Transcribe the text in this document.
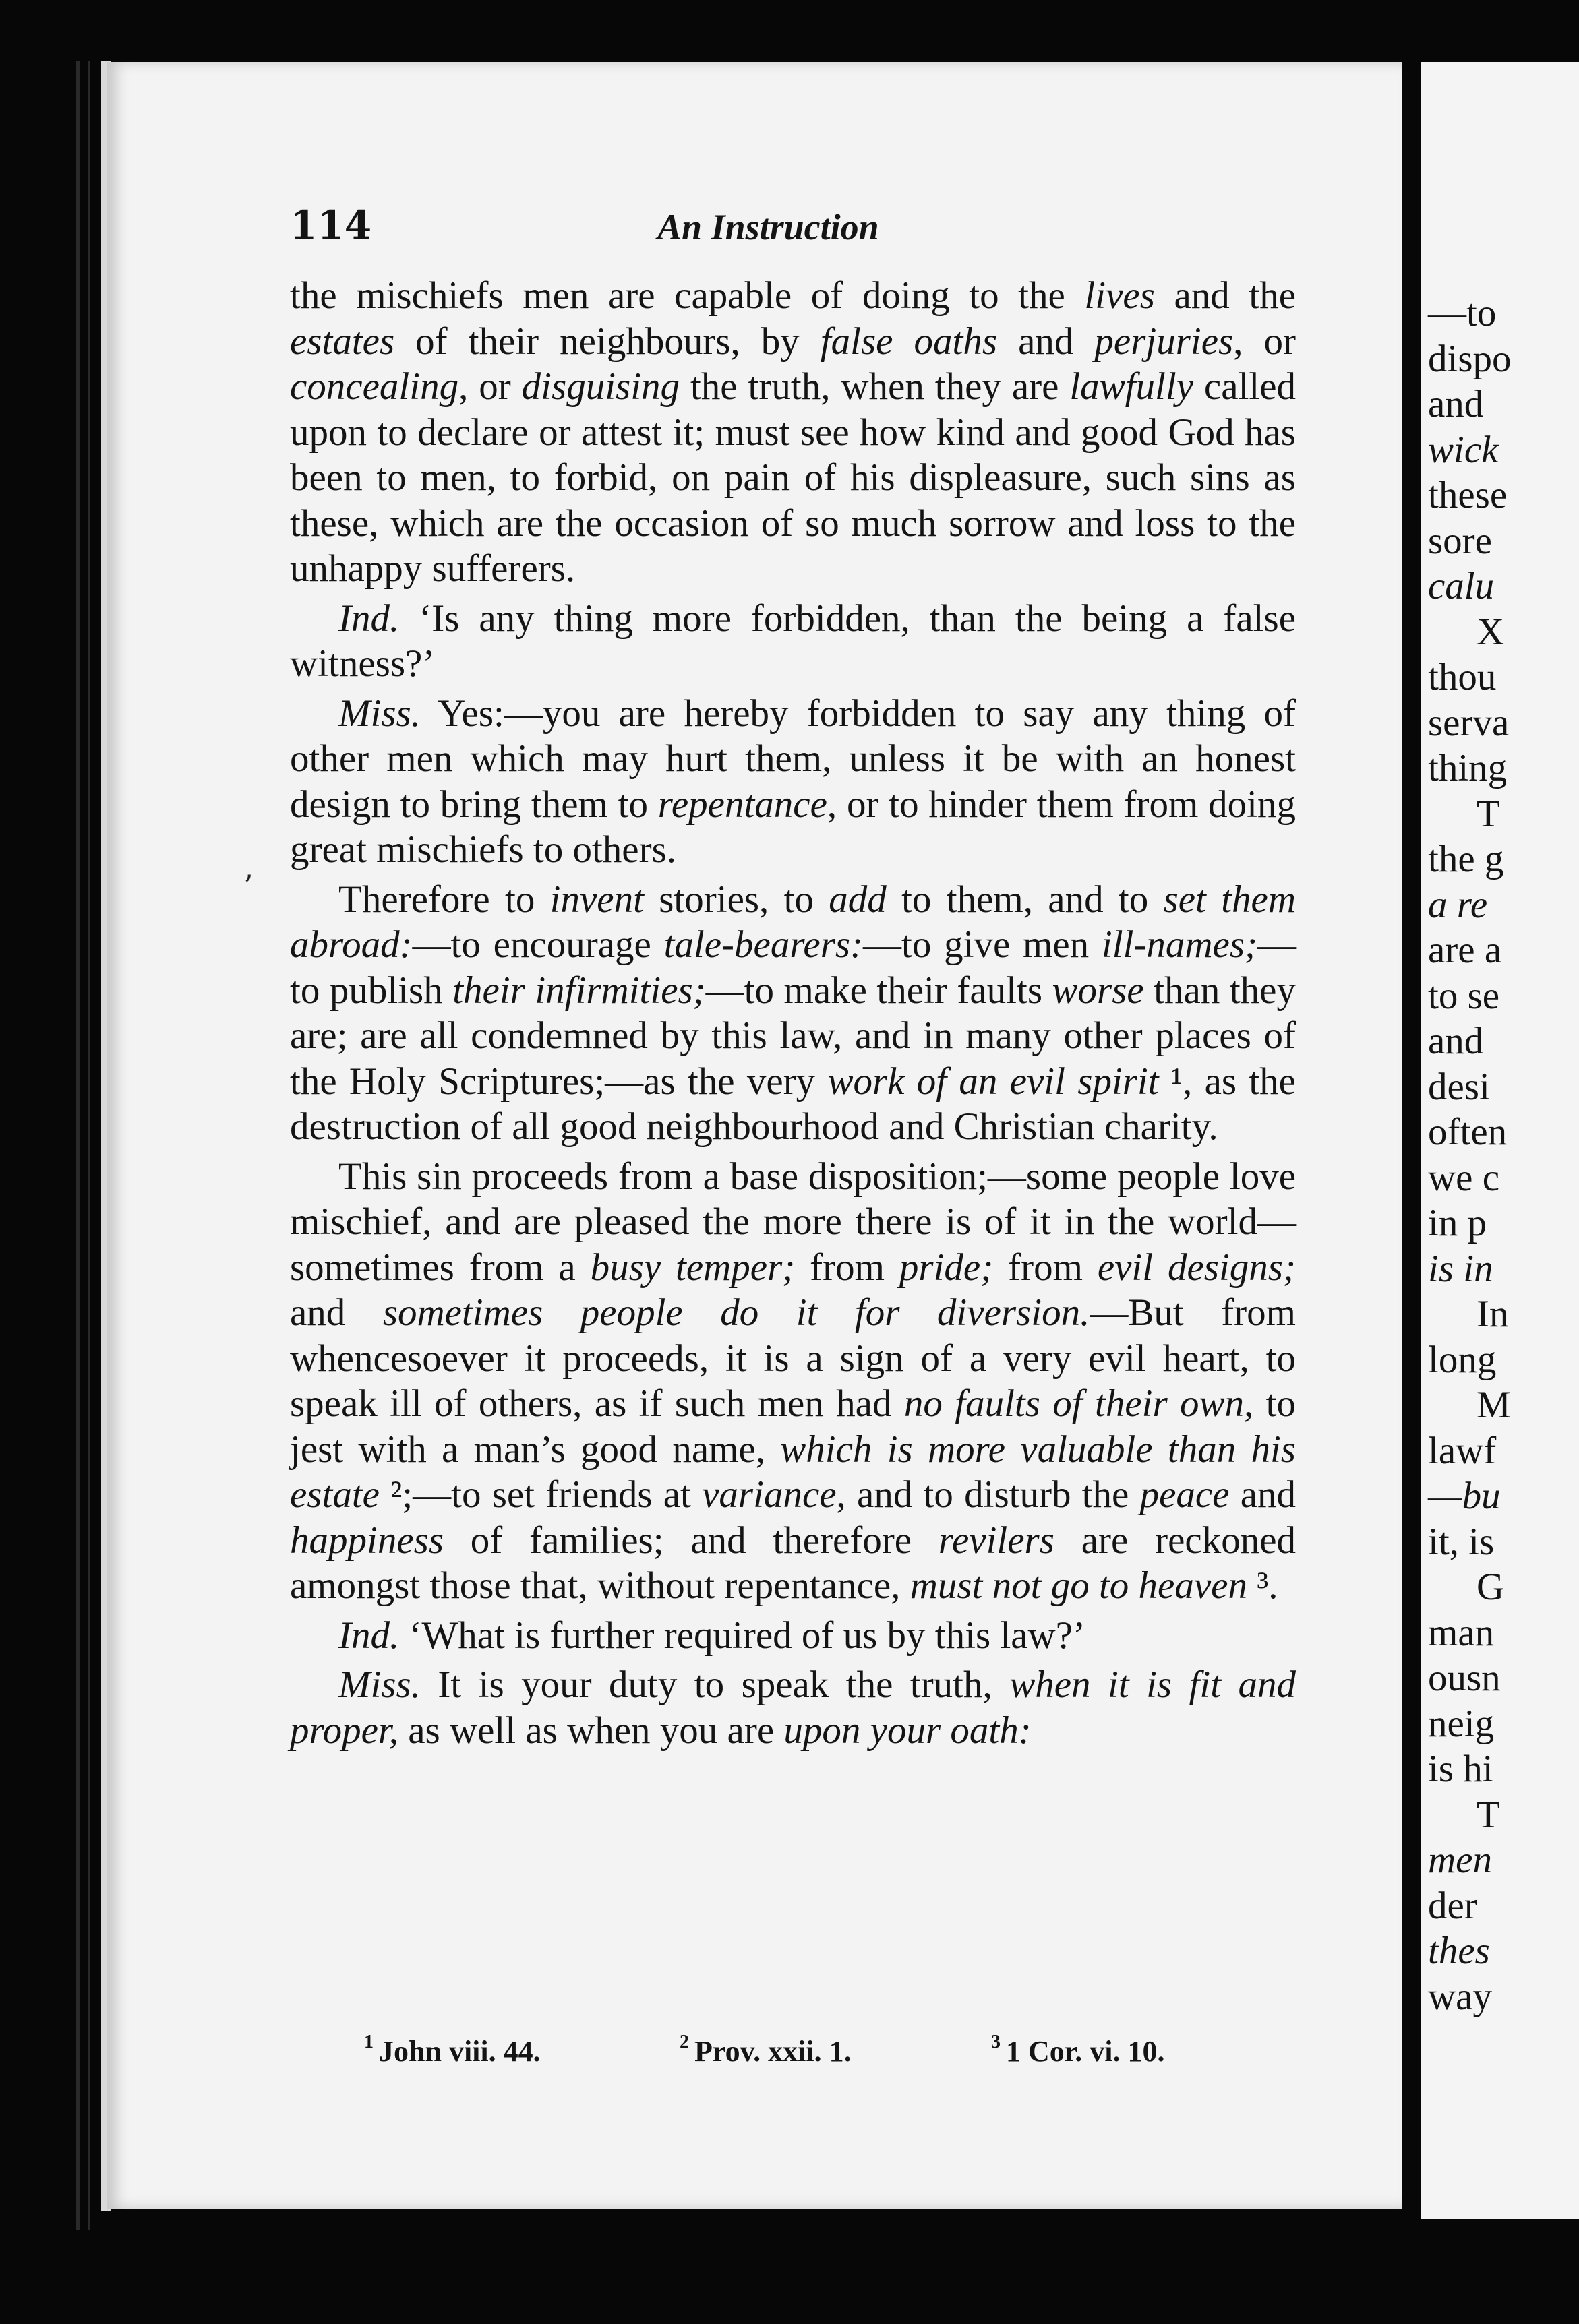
114	An Instruction

the mischiefs men are capable of doing to the lives and the estates of their neighbours, by false oaths and perjuries, or concealing, or disguising the truth, when they are lawfully called upon to declare or attest it; must see how kind and good God has been to men, to forbid, on pain of his displeasure, such sins as these, which are the occasion of so much sorrow and loss to the unhappy sufferers.

Ind. ‘Is any thing more forbidden, than the being a false witness?’

Miss. Yes:—you are hereby forbidden to say any thing of other men which may hurt them, unless it be with an honest design to bring them to repentance, or to hinder them from doing great mischiefs to others.

Therefore to invent stories, to add to them, and to set them abroad:—to encourage tale-bearers:—to give men ill-names;—to publish their infirmities;—to make their faults worse than they are; are all condemned by this law, and in many other places of the Holy Scriptures;—as the very work of an evil spirit ¹, as the destruction of all good neighbourhood and Christian charity.

This sin proceeds from a base disposition;—some people love mischief, and are pleased the more there is of it in the world—sometimes from a busy temper; from pride; from evil designs; and sometimes people do it for diversion.—But from whencesoever it proceeds, it is a sign of a very evil heart, to speak ill of others, as if such men had no faults of their own, to jest with a man’s good name, which is more valuable than his estate ²;—to set friends at variance, and to disturb the peace and happiness of families; and therefore revilers are reckoned amongst those that, without repentance, must not go to heaven ³.

Ind. ‘What is further required of us by this law?’

Miss. It is your duty to speak the truth, when it is fit and proper, as well as when you are upon your oath:

$^1$ John viii. 44.	$^2$ Prov. xxii. 1.	$^3$ 1 Cor. vi. 10.
ʼ
—to
dispo
and
wick
these
sore
calu
X
thou
serva
thing
T
the g
a re
are a
to se
and
desi
often
we c
in p
is in
In
long
M
lawf
—bu
it, is
G
man
ousn
neig
is hi
T
men
der
thes
way
